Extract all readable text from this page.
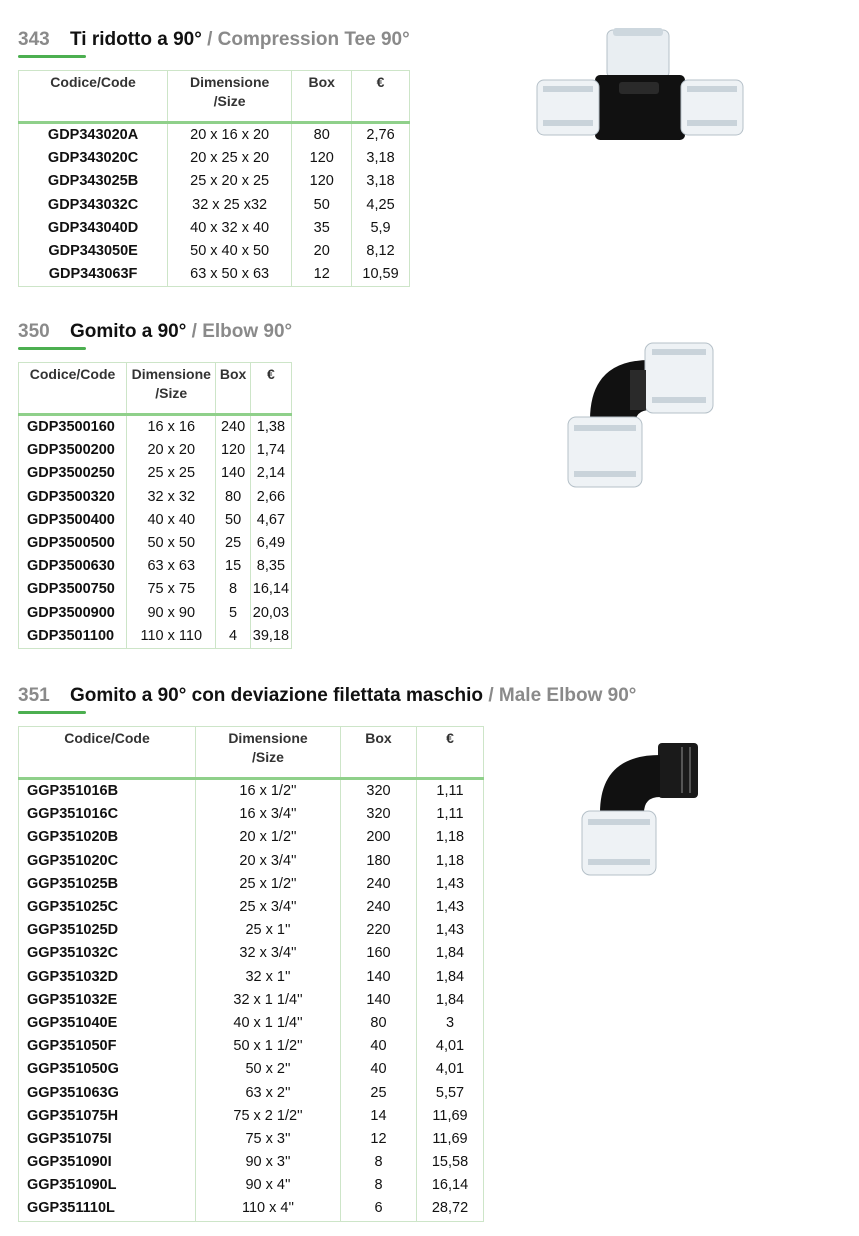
343 Ti ridotto a 90° / Compression Tee 90°
Codice/Code	Dimensione
/Size	Box	€
GDP343020A	20 x 16 x 20	80	2,76
GDP343020C	20 x 25 x 20	120	3,18
GDP343025B	25 x 20 x 25	120	3,18
GDP343032C	32 x 25 x32	50	4,25
GDP343040D	40 x 32 x 40	35	5,9
GDP343050E	50 x 40 x 50	20	8,12
GDP343063F	63 x 50 x 63	12	10,59
350 Gomito a 90° / Elbow 90°
Codice/Code	Dimensione
/Size	Box	€
GDP3500160	16 x 16	240	1,38
GDP3500200	20 x 20	120	1,74
GDP3500250	25 x 25	140	2,14
GDP3500320	32 x 32	80	2,66
GDP3500400	40 x 40	50	4,67
GDP3500500	50 x 50	25	6,49
GDP3500630	63 x 63	15	8,35
GDP3500750	75 x 75	8	16,14
GDP3500900	90 x 90	5	20,03
GDP3501100	110 x 110	4	39,18
351 Gomito a 90° con deviazione filettata maschio / Male Elbow 90°
Codice/Code	Dimensione
/Size	Box	€
GGP351016B	16 x 1/2''	320	1,11
GGP351016C	16 x 3/4''	320	1,11
GGP351020B	20 x 1/2''	200	1,18
GGP351020C	20 x 3/4''	180	1,18
GGP351025B	25 x 1/2''	240	1,43
GGP351025C	25 x 3/4''	240	1,43
GGP351025D	25 x 1''	220	1,43
GGP351032C	32 x 3/4''	160	1,84
GGP351032D	32 x 1''	140	1,84
GGP351032E	32 x 1 1/4''	140	1,84
GGP351040E	40 x 1 1/4''	80	3
GGP351050F	50 x 1 1/2''	40	4,01
GGP351050G	50 x 2''	40	4,01
GGP351063G	63 x 2''	25	5,57
GGP351075H	75 x 2 1/2''	14	11,69
GGP351075I	75 x 3''	12	11,69
GGP351090I	90 x 3''	8	15,58
GGP351090L	90 x 4''	8	16,14
GGP351110L	110 x 4''	6	28,72
